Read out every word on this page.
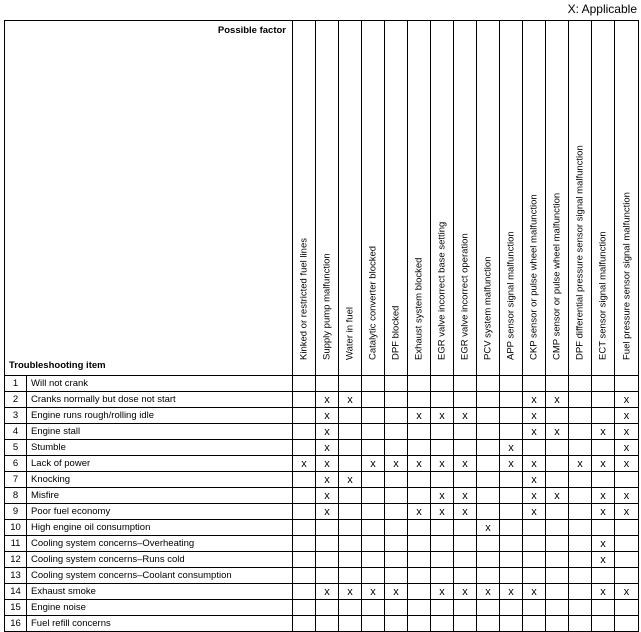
X: Applicable
Possible factor
Troubleshooting item		Kinked or restricted fuel lines	Supply pump malfunction	Water in fuel	Catalytic converter blocked	DPF blocked	Exhaust system blocked	EGR valve incorrect base setting	EGR valve incorrect operation	PCV system malfunction	APP sensor signal malfunction	CKP sensor or pulse wheel malfunction	CMP sensor or pulse wheel malfunction	DPF differential pressure sensor signal malfunction	ECT sensor signal malfunction	Fuel pressure sensor signal malfunction

1	Will not crank															
2	Cranks normally but dose not start		x	x								x	x			x
3	Engine runs rough/rolling idle		x				x	x	x			x				x
4	Engine stall		x									x	x		x	x
5	Stumble		x								x					x
6	Lack of power	x	x		x	x	x	x	x		x	x		x	x	x
7	Knocking		x	x								x				
8	Misfire		x					x	x			x	x		x	x
9	Poor fuel economy		x				x	x	x			x			x	x
10	High engine oil consumption									x						
11	Cooling system concerns–Overheating														x	
12	Cooling system concerns–Runs cold														x	
13	Cooling system concerns–Coolant consumption															
14	Exhaust smoke		x	x	x	x		x	x	x	x	x			x	x
15	Engine noise															
16	Fuel refill concerns															
